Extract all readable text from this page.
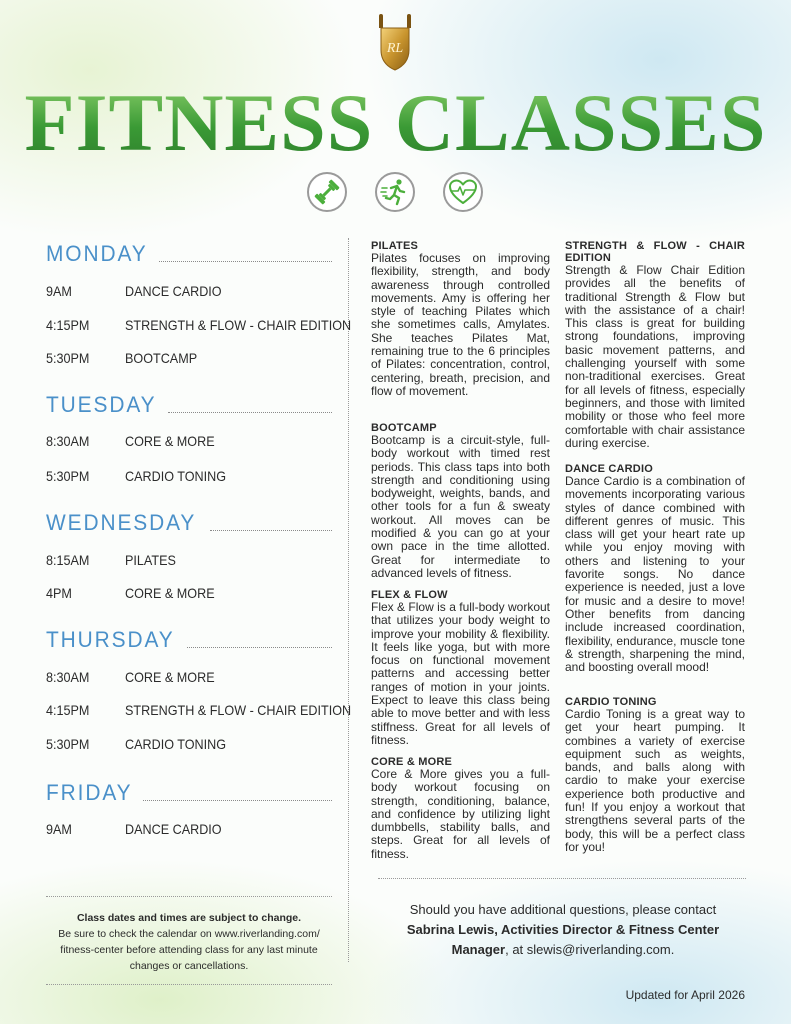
RL
FITNESS CLASSES
MONDAY
9AM	DANCE CARDIO
4:15PM	STRENGTH & FLOW - CHAIR EDITION
5:30PM	BOOTCAMP
TUESDAY
8:30AM	CORE & MORE
5:30PM	CARDIO TONING
WEDNESDAY
8:15AM	PILATES
4PM	CORE & MORE
THURSDAY
8:30AM	CORE & MORE
4:15PM	STRENGTH & FLOW - CHAIR EDITION
5:30PM	CARDIO TONING
FRIDAY
9AM	DANCE CARDIO
PILATES

Pilates focuses on improving flexibility, strength, and body awareness through controlled movements. Amy is offering her style of teaching Pilates which she sometimes calls, Amylates. She teaches Pilates Mat, remaining true to the 6 principles of Pilates: concentration, control, centering, breath, precision, and flow of movement.

BOOTCAMP

Bootcamp is a circuit-style, full-body workout with timed rest periods. This class taps into both strength and conditioning using bodyweight, weights, bands, and other tools for a fun & sweaty workout. All moves can be modified & you can go at your own pace in the time allotted. Great for intermediate to advanced levels of fitness.

FLEX & FLOW

Flex & Flow is a full-body workout that utilizes your body weight to improve your mobility & flexibility. It feels like yoga, but with more focus on functional movement patterns and accessing better ranges of motion in your joints. Expect to leave this class being able to move better and with less stiffness. Great for all levels of fitness.

CORE & MORE

Core & More gives you a full-body workout focusing on strength, conditioning, balance, and confidence by utilizing light dumbbells, stability balls, and steps. Great for all levels of fitness.

STRENGTH & FLOW - CHAIR EDITION

Strength & Flow Chair Edition provides all the benefits of traditional Strength & Flow but with the assistance of a chair! This class is great for building strong foundations, improving basic movement patterns, and challenging yourself with some non-traditional exercises. Great for all levels of fitness, especially beginners, and those with limited mobility or those who feel more comfortable with chair assistance during exercise.

DANCE CARDIO

Dance Cardio is a combination of movements incorporating various styles of dance combined with different genres of music. This class will get your heart rate up while you enjoy moving with others and listening to your favorite songs. No dance experience is needed, just a love for music and a desire to move! Other benefits from dancing include increased coordination, flexibility, endurance, muscle tone & strength, sharpening the mind, and boosting overall mood!

CARDIO TONING

Cardio Toning is a great way to get your heart pumping. It combines a variety of exercise equipment such as weights, bands, and balls along with cardio to make your exercise experience both productive and fun! If you enjoy a workout that strengthens several parts of the body, this will be a perfect class for you!

Class dates and times are subject to change.
Be sure to check the calendar on www.riverlanding.com/ fitness-center before attending class for any last minute changes or cancellations.
Should you have additional questions, please contact
Sabrina Lewis, Activities Director & Fitness Center Manager, at slewis@riverlanding.com.
Updated for April 2026
